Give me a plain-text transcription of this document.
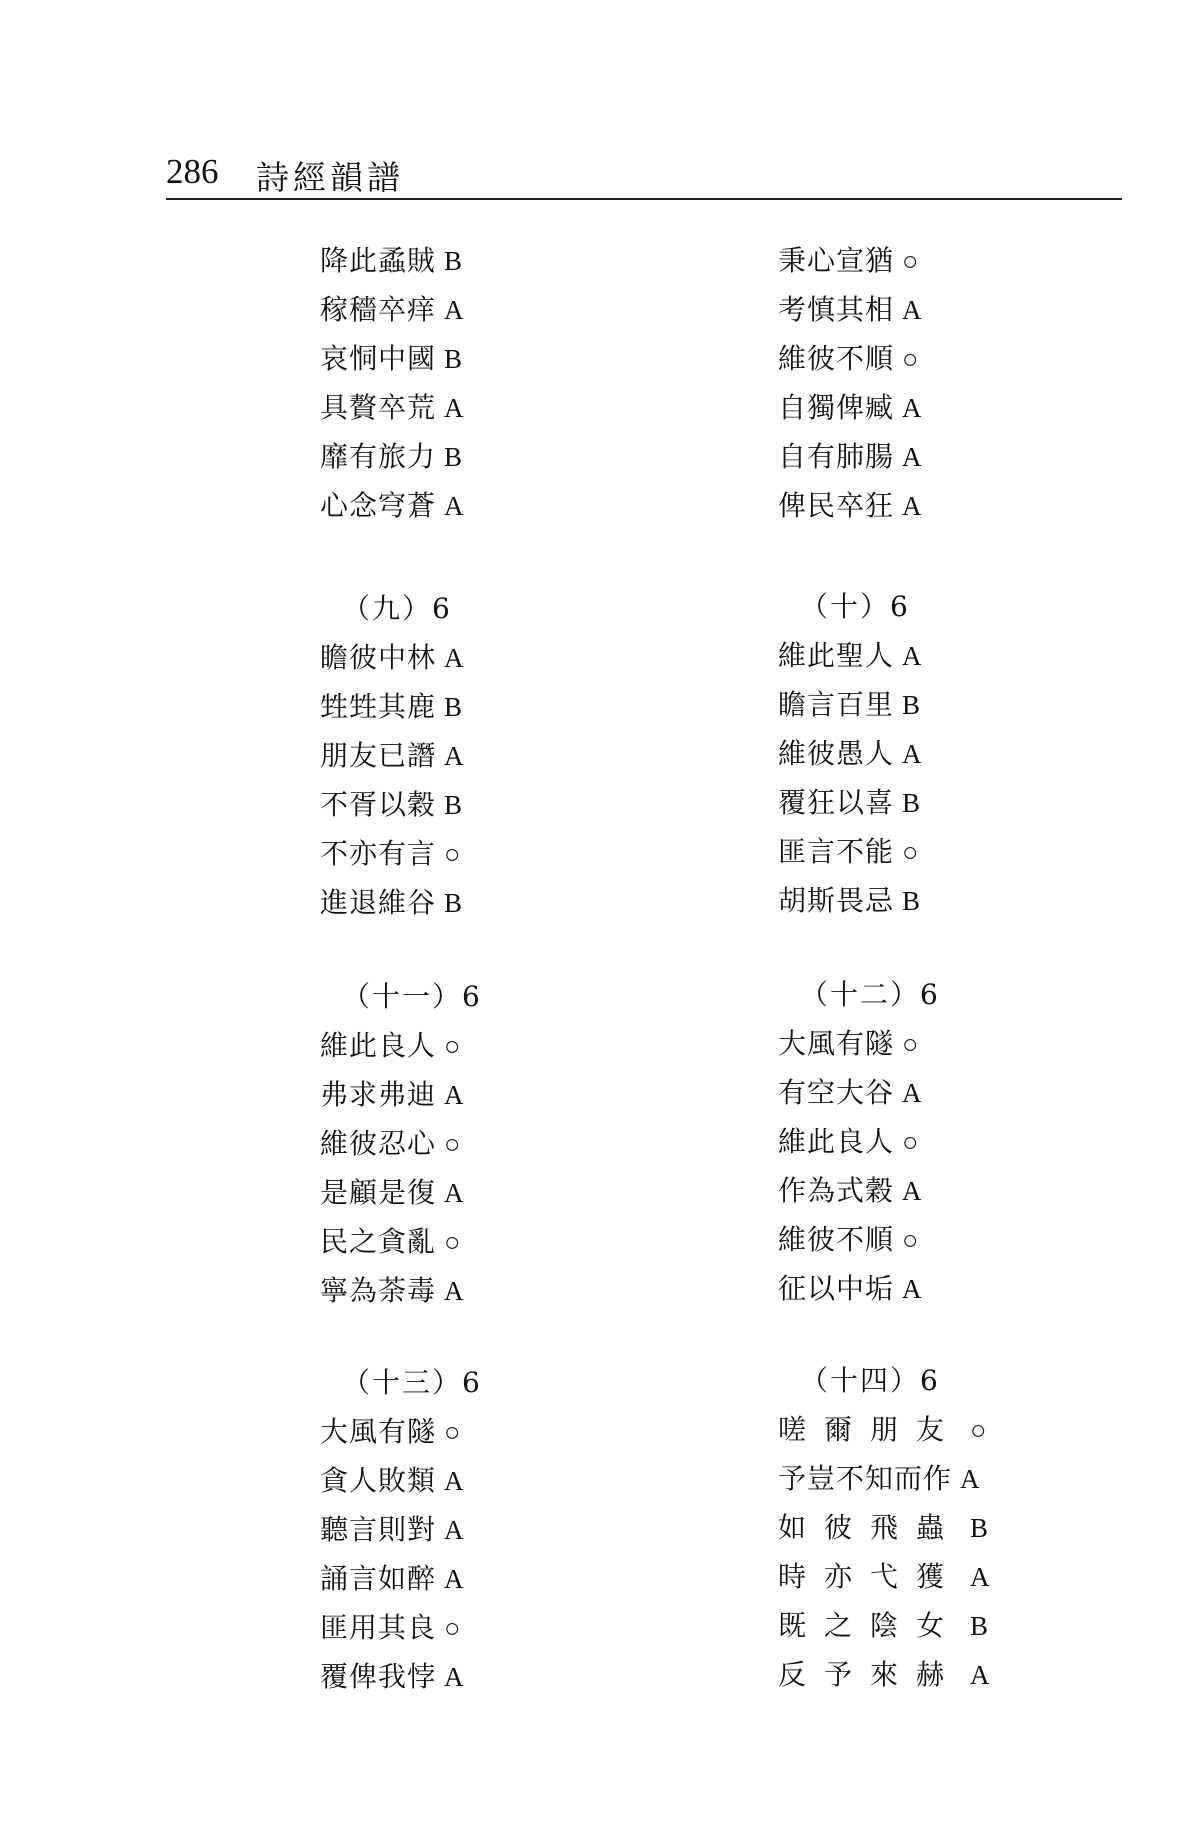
286 詩經韻譜
降此蟊賊 B
稼穡卒痒 A
哀恫中國 B
具贅卒荒 A
靡有旅力 B
心念穹蒼 A
（九）6
瞻彼中林 A
甡甡其鹿 B
朋友已譖 A
不胥以穀 B
不亦有言 ○
進退維谷 B
（十一）6
維此良人 ○
弗求弗迪 A
維彼忍心 ○
是顧是復 A
民之貪亂 ○
寧為荼毒 A
（十三）6
大風有隧 ○
貪人敗類 A
聽言則對 A
誦言如醉 A
匪用其良 ○
覆俾我悖 A
秉心宣猶 ○
考慎其相 A
維彼不順 ○
自獨俾臧 A
自有肺腸 A
俾民卒狂 A
（十）6
維此聖人 A
瞻言百里 B
維彼愚人 A
覆狂以喜 B
匪言不能 ○
胡斯畏忌 B
（十二）6
大風有隧 ○
有空大谷 A
維此良人 ○
作為式穀 A
維彼不順 ○
征以中垢 A
（十四）6
嗟爾朋友 ○
予豈不知而作 A
如彼飛蟲 B
時亦弋獲 A
既之陰女 B
反予來赫 A
